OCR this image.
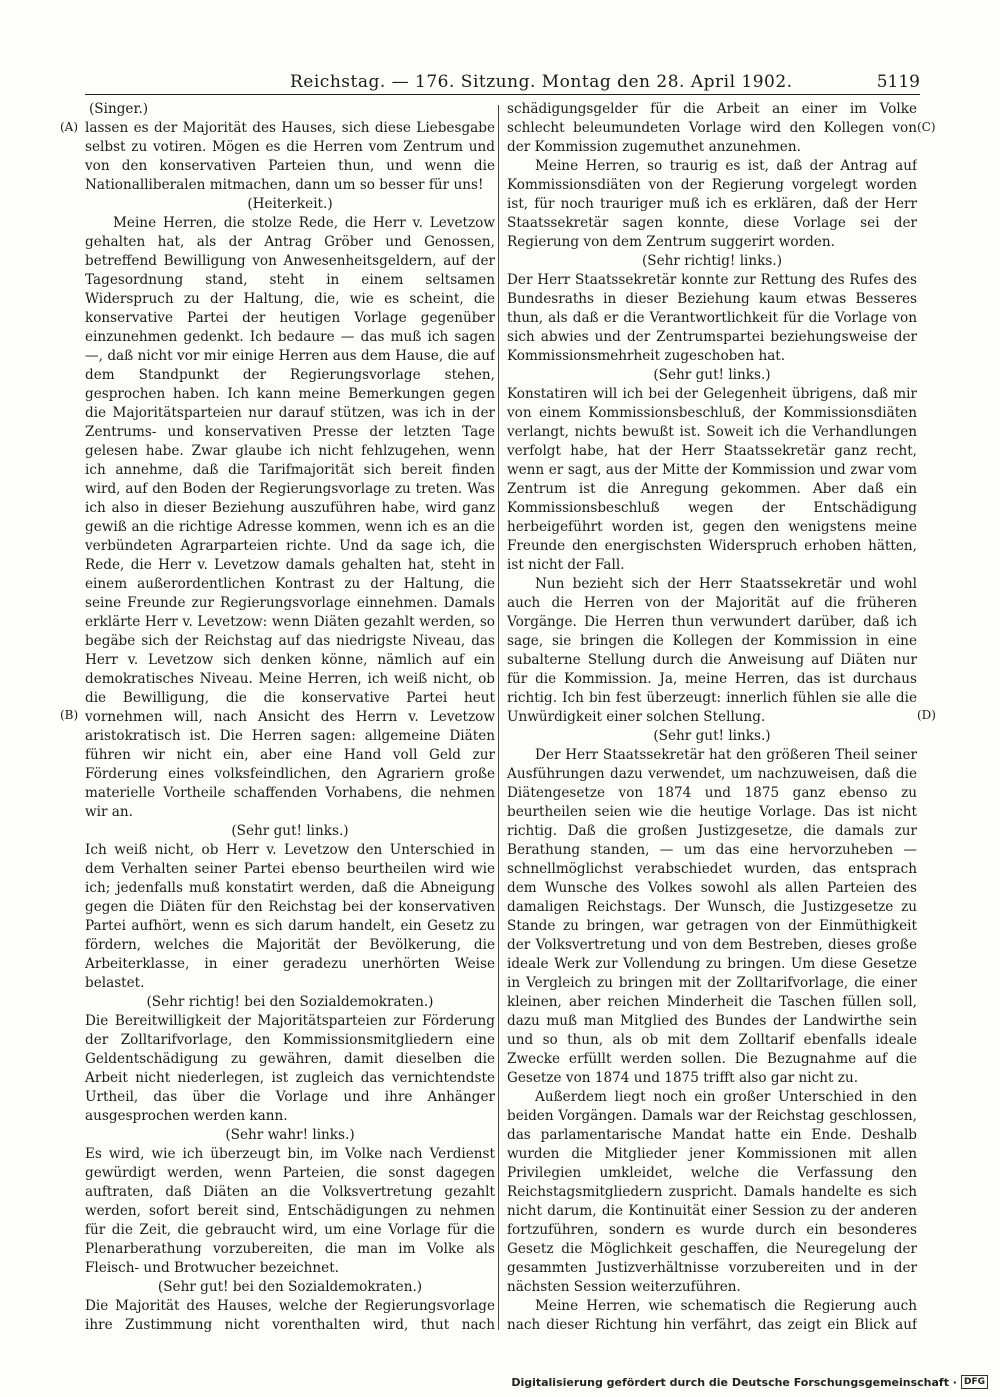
Reichstag. — 176. Sitzung. Montag den 28. April 1902.	5119
(A)
(B)
(C)
(D)

(Singer.)

lassen es der Majorität des Hauses, sich diese Liebesgabe selbst zu votiren. Mögen es die Herren vom Zentrum und von den konservativen Parteien thun, und wenn die Nationalliberalen mitmachen, dann um so besser für uns!

(Heiterkeit.)

Meine Herren, die stolze Rede, die Herr v. Levetzow gehalten hat, als der Antrag Gröber und Genossen, betreffend Bewilligung von Anwesenheitsgeldern, auf der Tagesordnung stand, steht in einem seltsamen Widerspruch zu der Haltung, die, wie es scheint, die konservative Partei der heutigen Vorlage gegenüber einzunehmen gedenkt. Ich bedaure — das muß ich sagen —, daß nicht vor mir einige Herren aus dem Hause, die auf dem Standpunkt der Regierungsvorlage stehen, gesprochen haben. Ich kann meine Bemerkungen gegen die Majoritätsparteien nur darauf stützen, was ich in der Zentrums- und konservativen Presse der letzten Tage gelesen habe. Zwar glaube ich nicht fehlzugehen, wenn ich annehme, daß die Tarifmajorität sich bereit finden wird, auf den Boden der Regierungsvorlage zu treten. Was ich also in dieser Beziehung auszuführen habe, wird ganz gewiß an die richtige Adresse kommen, wenn ich es an die verbündeten Agrarparteien richte. Und da sage ich, die Rede, die Herr v. Levetzow damals gehalten hat, steht in einem außerordentlichen Kontrast zu der Haltung, die seine Freunde zur Regierungsvorlage einnehmen. Damals erklärte Herr v. Levetzow: wenn Diäten gezahlt werden, so begäbe sich der Reichstag auf das niedrigste Niveau, das Herr v. Levetzow sich denken könne, nämlich auf ein demokratisches Niveau. Meine Herren, ich weiß nicht, ob die Bewilligung, die die konservative Partei heut vornehmen will, nach Ansicht des Herrn v. Levetzow aristokratisch ist. Die Herren sagen: allgemeine Diäten führen wir nicht ein, aber eine Hand voll Geld zur Förderung eines volksfeindlichen, den Agrariern große materielle Vortheile schaffenden Vorhabens, die nehmen wir an.

(Sehr gut! links.)

Ich weiß nicht, ob Herr v. Levetzow den Unterschied in dem Verhalten seiner Partei ebenso beurtheilen wird wie ich; jedenfalls muß konstatirt werden, daß die Abneigung gegen die Diäten für den Reichstag bei der konservativen Partei aufhört, wenn es sich darum handelt, ein Gesetz zu fördern, welches die Majorität der Bevölkerung, die Arbeiterklasse, in einer geradezu unerhörten Weise belastet.

(Sehr richtig! bei den Sozialdemokraten.)

Die Bereitwilligkeit der Majoritätsparteien zur Förderung der Zolltarifvorlage, den Kommissionsmitgliedern eine Geldentschädigung zu gewähren, damit dieselben die Arbeit nicht niederlegen, ist zugleich das vernichtendste Urtheil, das über die Vorlage und ihre Anhänger ausgesprochen werden kann.

(Sehr wahr! links.)

Es wird, wie ich überzeugt bin, im Volke nach Verdienst gewürdigt werden, wenn Parteien, die sonst dagegen auftraten, daß Diäten an die Volksvertretung gezahlt werden, sofort bereit sind, Entschädigungen zu nehmen für die Zeit, die gebraucht wird, um eine Vorlage für die Plenarberathung vorzubereiten, die man im Volke als Fleisch- und Brotwucher bezeichnet.

(Sehr gut! bei den Sozialdemokraten.)

Die Majorität des Hauses, welche der Regierungsvorlage ihre Zustimmung nicht vorenthalten wird, thut nach

schädigungsgelder für die Arbeit an einer im Volke schlecht beleumundeten Vorlage wird den Kollegen von der Kommission zugemuthet anzunehmen.

Meine Herren, so traurig es ist, daß der Antrag auf Kommissionsdiäten von der Regierung vorgelegt worden ist, für noch trauriger muß ich es erklären, daß der Herr Staatssekretär sagen konnte, diese Vorlage sei der Regierung von dem Zentrum suggerirt worden.

(Sehr richtig! links.)

Der Herr Staatssekretär konnte zur Rettung des Rufes des Bundesraths in dieser Beziehung kaum etwas Besseres thun, als daß er die Verantwortlichkeit für die Vorlage von sich abwies und der Zentrumspartei beziehungsweise der Kommissionsmehrheit zugeschoben hat.

(Sehr gut! links.)

Konstatiren will ich bei der Gelegenheit übrigens, daß mir von einem Kommissionsbeschluß, der Kommissionsdiäten verlangt, nichts bewußt ist. Soweit ich die Verhandlungen verfolgt habe, hat der Herr Staatssekretär ganz recht, wenn er sagt, aus der Mitte der Kommission und zwar vom Zentrum ist die Anregung gekommen. Aber daß ein Kommissionsbeschluß wegen der Entschädigung herbeigeführt worden ist, gegen den wenigstens meine Freunde den energischsten Widerspruch erhoben hätten, ist nicht der Fall.

Nun bezieht sich der Herr Staatssekretär und wohl auch die Herren von der Majorität auf die früheren Vorgänge. Die Herren thun verwundert darüber, daß ich sage, sie bringen die Kollegen der Kommission in eine subalterne Stellung durch die Anweisung auf Diäten nur für die Kommission. Ja, meine Herren, das ist durchaus richtig. Ich bin fest überzeugt: innerlich fühlen sie alle die Unwürdigkeit einer solchen Stellung.

(Sehr gut! links.)

Der Herr Staatssekretär hat den größeren Theil seiner Ausführungen dazu verwendet, um nachzuweisen, daß die Diätengesetze von 1874 und 1875 ganz ebenso zu beurtheilen seien wie die heutige Vorlage. Das ist nicht richtig. Daß die großen Justizgesetze, die damals zur Berathung standen, — um das eine hervorzuheben — schnellmöglichst verabschiedet wurden, das entsprach dem Wunsche des Volkes sowohl als allen Parteien des damaligen Reichstags. Der Wunsch, die Justizgesetze zu Stande zu bringen, war getragen von der Einmüthigkeit der Volksvertretung und von dem Bestreben, dieses große ideale Werk zur Vollendung zu bringen. Um diese Gesetze in Vergleich zu bringen mit der Zolltarifvorlage, die einer kleinen, aber reichen Minderheit die Taschen füllen soll, dazu muß man Mitglied des Bundes der Landwirthe sein und so thun, als ob mit dem Zolltarif ebenfalls ideale Zwecke erfüllt werden sollen. Die Bezugnahme auf die Gesetze von 1874 und 1875 trifft also gar nicht zu.

Außerdem liegt noch ein großer Unterschied in den beiden Vorgängen. Damals war der Reichstag geschlossen, das parlamentarische Mandat hatte ein Ende. Deshalb wurden die Mitglieder jener Kommissionen mit allen Privilegien umkleidet, welche die Verfassung den Reichstagsmitgliedern zuspricht. Damals handelte es sich nicht darum, die Kontinuität einer Session zu der anderen fortzuführen, sondern es wurde durch ein besonderes Gesetz die Möglichkeit geschaffen, die Neuregelung der gesammten Justizverhältnisse vorzubereiten und in der nächsten Session weiterzuführen.

Meine Herren, wie schematisch die Regierung auch nach dieser Richtung hin verfährt, das zeigt ein Blick auf

Digitalisierung gefördert durch die Deutsche Forschungsgemeinschaft · DFG
